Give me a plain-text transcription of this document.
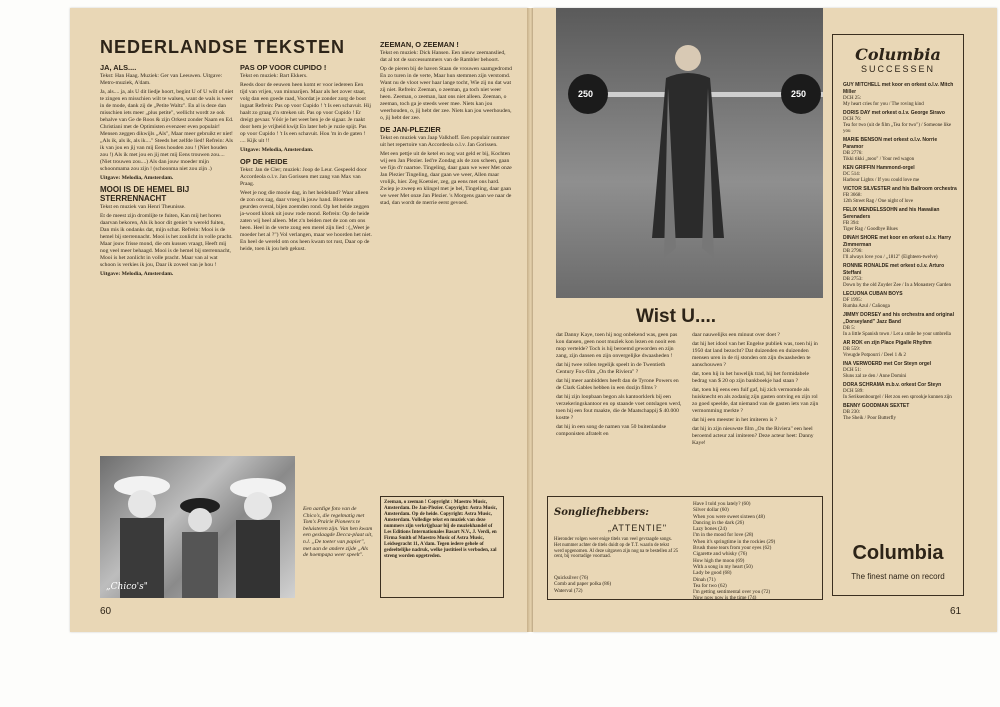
NEDERLANDSE TEKSTEN
JA, ALS....

Tekst: Han Haag. Muziek: Ger van Leeuwen. Uitgave: Metro-muziek, A'dam.

Ja, als.... ja, als U dit liedje hoort, begint U of U wilt of niet te zingen en misschien wilt te walsen, want de wals is weer in de mode, dank zij de „Petite Waltz". En al is deze dan misschien iets meer „plus petite", wellicht wordt ze ook behalve van Ge de Roos & zijn Orkest zonder Naam en Ed. Christiani met de Optimisten evenzeer even populair! Mensen zeggen dikwijls „Als", Maar meer gebruikt er niet! „Als ik, als ik, als ik...." Steeds het zelfde lied! Refrein: Als ik van jou en jij van mij Eens houden zou ! (Niet houden zou !) Als ik met jou en jij met mij Eens trouwen zou.... (Niet trouwen zou....) Als dan jouw moeder mijn schoonmama zou zijn ! (schoonma niet zou zijn .)

Uitgave: Melodia, Amsterdam.

MOOI IS DE HEMEL BIJ STERRENNACHT

Tekst en muziek van Henri Theunisse.

Et de meest zijn dromlijte te fuiten, Kan mij het horen daarvan bekoren, Als ik hoor dit geniet 'n wereld fuiten, Dan mis ik ondanks dat, mijn schat. Refrein: Mooi is de hemel bij sterrennacht. Mooi is het zonlicht in volle pracht. Maar jouw frisse mond, die om kussen vraagt, Heeft mij nog veel meer behaagd. Mooi is de hemel bij sterrennacht, Mooi is het zonlicht in volle pracht. Maar van al wat schoon is verkies ik jou, Daar ik zoveel van je hou !

Uitgave: Melodia, Amsterdam.

PAS OP VOOR CUPIDO !

Tekst en muziek: Bart Ekkers.

Reeds door de eeuwen heen komt er voor iedereen Een tijd van vrijen, van minnarijen. Maar als het zover staat, volg dan een goede raad, Voordat je zonder zorg de boot ingaat Refrein: Pas op voor Cupido ! 't Is een schavuit. Hij haalt zo graag z'n streken uit. Pas op voor Cupido ! Er dreigt gevaar. Vóór je het weet ben je de sigaar. Je raakt door hem je vrijheid kwijt En later heb je ruzie spijt. Pas op voor Cupido ! 't Is een schavuit. Hou 'm in de gaten ! .... Kijk uit !!

Uitgave: Melodia, Amsterdam.

OP DE HEIDE

Tekst: Jan de Cler; muziek: Joop de Leur. Gespeeld door Accordeola o.l.v. Jan Gorissen met zang van Max van Praag.

Weet je nog die mooie dag, in het heideland? Waar alleen de zon ons zag, daar vroeg ik jouw hand. Bloemen geurden overal, bijen zoemden rond. Op het heide zeggen ja-woord klonk uit jouw rode mond. Refrein: Op de heide zaten wij heel alleen. Met z'n beiden met de zon om ons heen. Heel in de verte zong een merel zijn lied : („Weet je moeder het al ?") Vol verlangen, maar we hoorden het niet. En heel de wereld om ons heen kwam tot rust, Daar op de heide, toen ik jou heb gekust.

ZEEMAN, O ZEEMAN !

Tekst en muziek: Dick Hansen. Een nieuw zeemanslied, dat al tot de successummers van de Rambler behoort.

Op de pieren bij de haven Staan de vrouwen saamgedromd En zo turen in de verte, Maar hun stemmen zijn verstomd. Want nu de vloot weer haar lange tocht, Wie zij nu dat wat zij niet. Refrein: Zeeman, o zeeman, ga toch niet weer heen. Zeeman, o zeeman, laat ons niet alleen. Zeeman, o zeeman, toch ga je steeds weer mee. Niets kan jou weerhouden, o, jij hebt der zee. Niets kan jou weerhouden, o, jij hebt der zee.

DE JAN-PLEZIER

Tekst en muziek van Jaap Valkhoff. Een populair nummer uit het repertoire van Accordeola o.l.v. Jan Gorissen.

Met een pettje uit de ketel en nog wat geld er bij, Kochten wij een Jan Plezier. Ied're Zondag als de zon scheen, gaan we fijn d'r naartoe. Tingeling, daar gaan we weer Met onze Jan Plezier Tingeling, daar gaan we weer, Allen maar vrolijk, hier. Zeg Koetsier, zeg, ga eens met ons hard. Zwiep je zweep en klingel met je bel, Tingeling, daar gaan we weer Met onze Jan Plezier. 's Morgens gaan we naar de stad, dan wordt de merrie eerst gevoed.

„Chico's"

Een aardige foto van de Chico's, die regelmatig met Tom's Prairie Pioneers te beluisteren zijn. Van hen kwam een geslaagde Decca-plaat uit, n.l. „De toeter van papier", met aan de andere zijde „Als de hoempapa weer speelt".

Zeeman, o zeeman ! Copyright : Maestro Music, Amsterdam. De Jan-Plezier. Copyright: Astra Music, Amsterdam. Op de heide. Copyright: Astra Music, Amsterdam. Volledige tekst en muziek van deze nummers zijn verkrijgbaar bij de muziekhandel of Les Editions Internationales Basart N.V., J. Verdi, en Firma Smith of Maestro Music of Astra Music, Leidsegracht 11, A'dam. Tegen iedere gehele of gedeeltelijke nadruk, welke justitieel is verboden, zal streng worden opgetreden.

60
250	250
Wist U....

dat Danny Kaye, toen hij nog onbekend was, geen pas kon dansen, geen noot muziek kon lezen en nooit een mop vertelde? Toch is hij beroemd geworden en zijn zang, zijn dansen en zijn onvergelijke dwaasheden !

dat hij twee rollen tegelijk speelt in de Twentieth Century Fox-film „On the Riviera" ?

dat hij meer aanbidders heeft dan de Tyrone Powers en de Clark Gables hebben in een dozijn films ?

dat hij zijn loopbaan begon als kantoorklerk bij een verzekeringskantoor en op staande voet ontslagen werd, toen hij een fout maakte, die de Maatschappij $ 40.000 kostte ?

dat hij in een song de namen van 50 buitenlandse componisten afratelt en

daar nauwelijks een minuut over doet ?

dat hij het idool van het Engelse publiek was, toen hij in 1950 dat land bezocht? Dat duizenden en duizenden mensen uren in de rij stonden om zijn dwaasheden te aanschouwen ?

dat, toen hij in het huwelijk trad, hij het formidabele bedrag van $ 20 op zijn bankboekje had staan ?

dat, toen hij eens een fuif gaf, hij zich vermomde als huisknecht en als zodanig zijn gasten ontving en zijn rol zo goed speelde, dat niemand van de gasten iets van zijn vermomming merkte ?

dat hij een meester in het imiteren is ?

dat hij in zijn nieuwste film „On the Riviera" een heel beroemd acteur zal imiteren? Deze acteur heet: Danny Kaye!

Songliefhebbers:
„ATTENTIE"

Hieronder volgen weer enige titels van veel gevraagde songs. Het nummer achter de titels duidt op de T.T. waarin de tekst werd opgenomen. Al deze uitgaven zijn nog na te bestellen af 25 cent, bij voorradige voorraad.

Quicksilver (76)

Comb and paper polka (86)

Waterval (72)

Have I told you lately? (60)

Silver dollar (60)

When you were sweet sixteen (48)

Dancing in the dark (26)

Lazy bones (24)

I'm in the mood for love (28)

When it's springtime in the rockies (29)

Brush those tears from your eyes (62)

Cigarette and whisky (76)

How high the moon (69)

With a song in my heart (50)

Lady be good (68)

Dinah (71)

Tea for two (62)

I'm getting sentimental over you (72)

Now now now is the time (74)

Columbia
SUCCESSEN
GUY MITCHELL met koor en orkest o.l.v. Mitch Miller
DCH 25:
My heart cries for you / The roving kind
DORIS DAY met orkest o.l.v. George Siravo
DCH 76:
Tea for two (uit de film „Tea for two") / Someone like you
MARIE BENSON met orkest o.l.v. Norrie Paramor
DB 2776:
Tikki tikki „tooo" / Your red wagon
KEN GRIFFIN Hammond-orgel
DC 514:
Harbour Lights / If you could love me
VICTOR SILVESTER and his Ballroom orchestra
FB 3668:
12th Street Rag / One night of love
FELIX MENDELSSOHN and his Hawaiian Serenaders
FB 394:
Tiger Rag / Goodbye Blues
DINAH SHORE met koor en orkest o.l.v. Harry Zimmerman
DB 2796:
I'll always love you / „1812" (Eighteen-twelve)
RONNIE RONALDE met orkest o.l.v. Arturo Steffani
DB 2753:
Down by the old Zuyder Zee / In a Monastery Garden
LECUONA CUBAN BOYS
DF 1995:
Rumba Azul / Cañonga
JIMMY DORSEY and his orchestra and original „Dorseyland" Jazz Band
DB 5:
In a little Spanish town / Let a smile be your umbrella
AR ROK en zijn Place Pigalle Rhythm
DB 559:
Vreugde Potpourri / Deel 1 & 2
INA VERWOERD met Cor Steyn orgel
DCH 51:
Sluns zal ze den / Anne Domini
DORA SCHRAMA m.b.v. orkest Cor Steyn
DCH 589:
In Seriksenbourgel / Het zou een sprookje kunnen zijn
BENNY GOODMAN SEXTET
DB 230:
The Sheik / Poor Butterfly
Columbia
The finest name on record
61
